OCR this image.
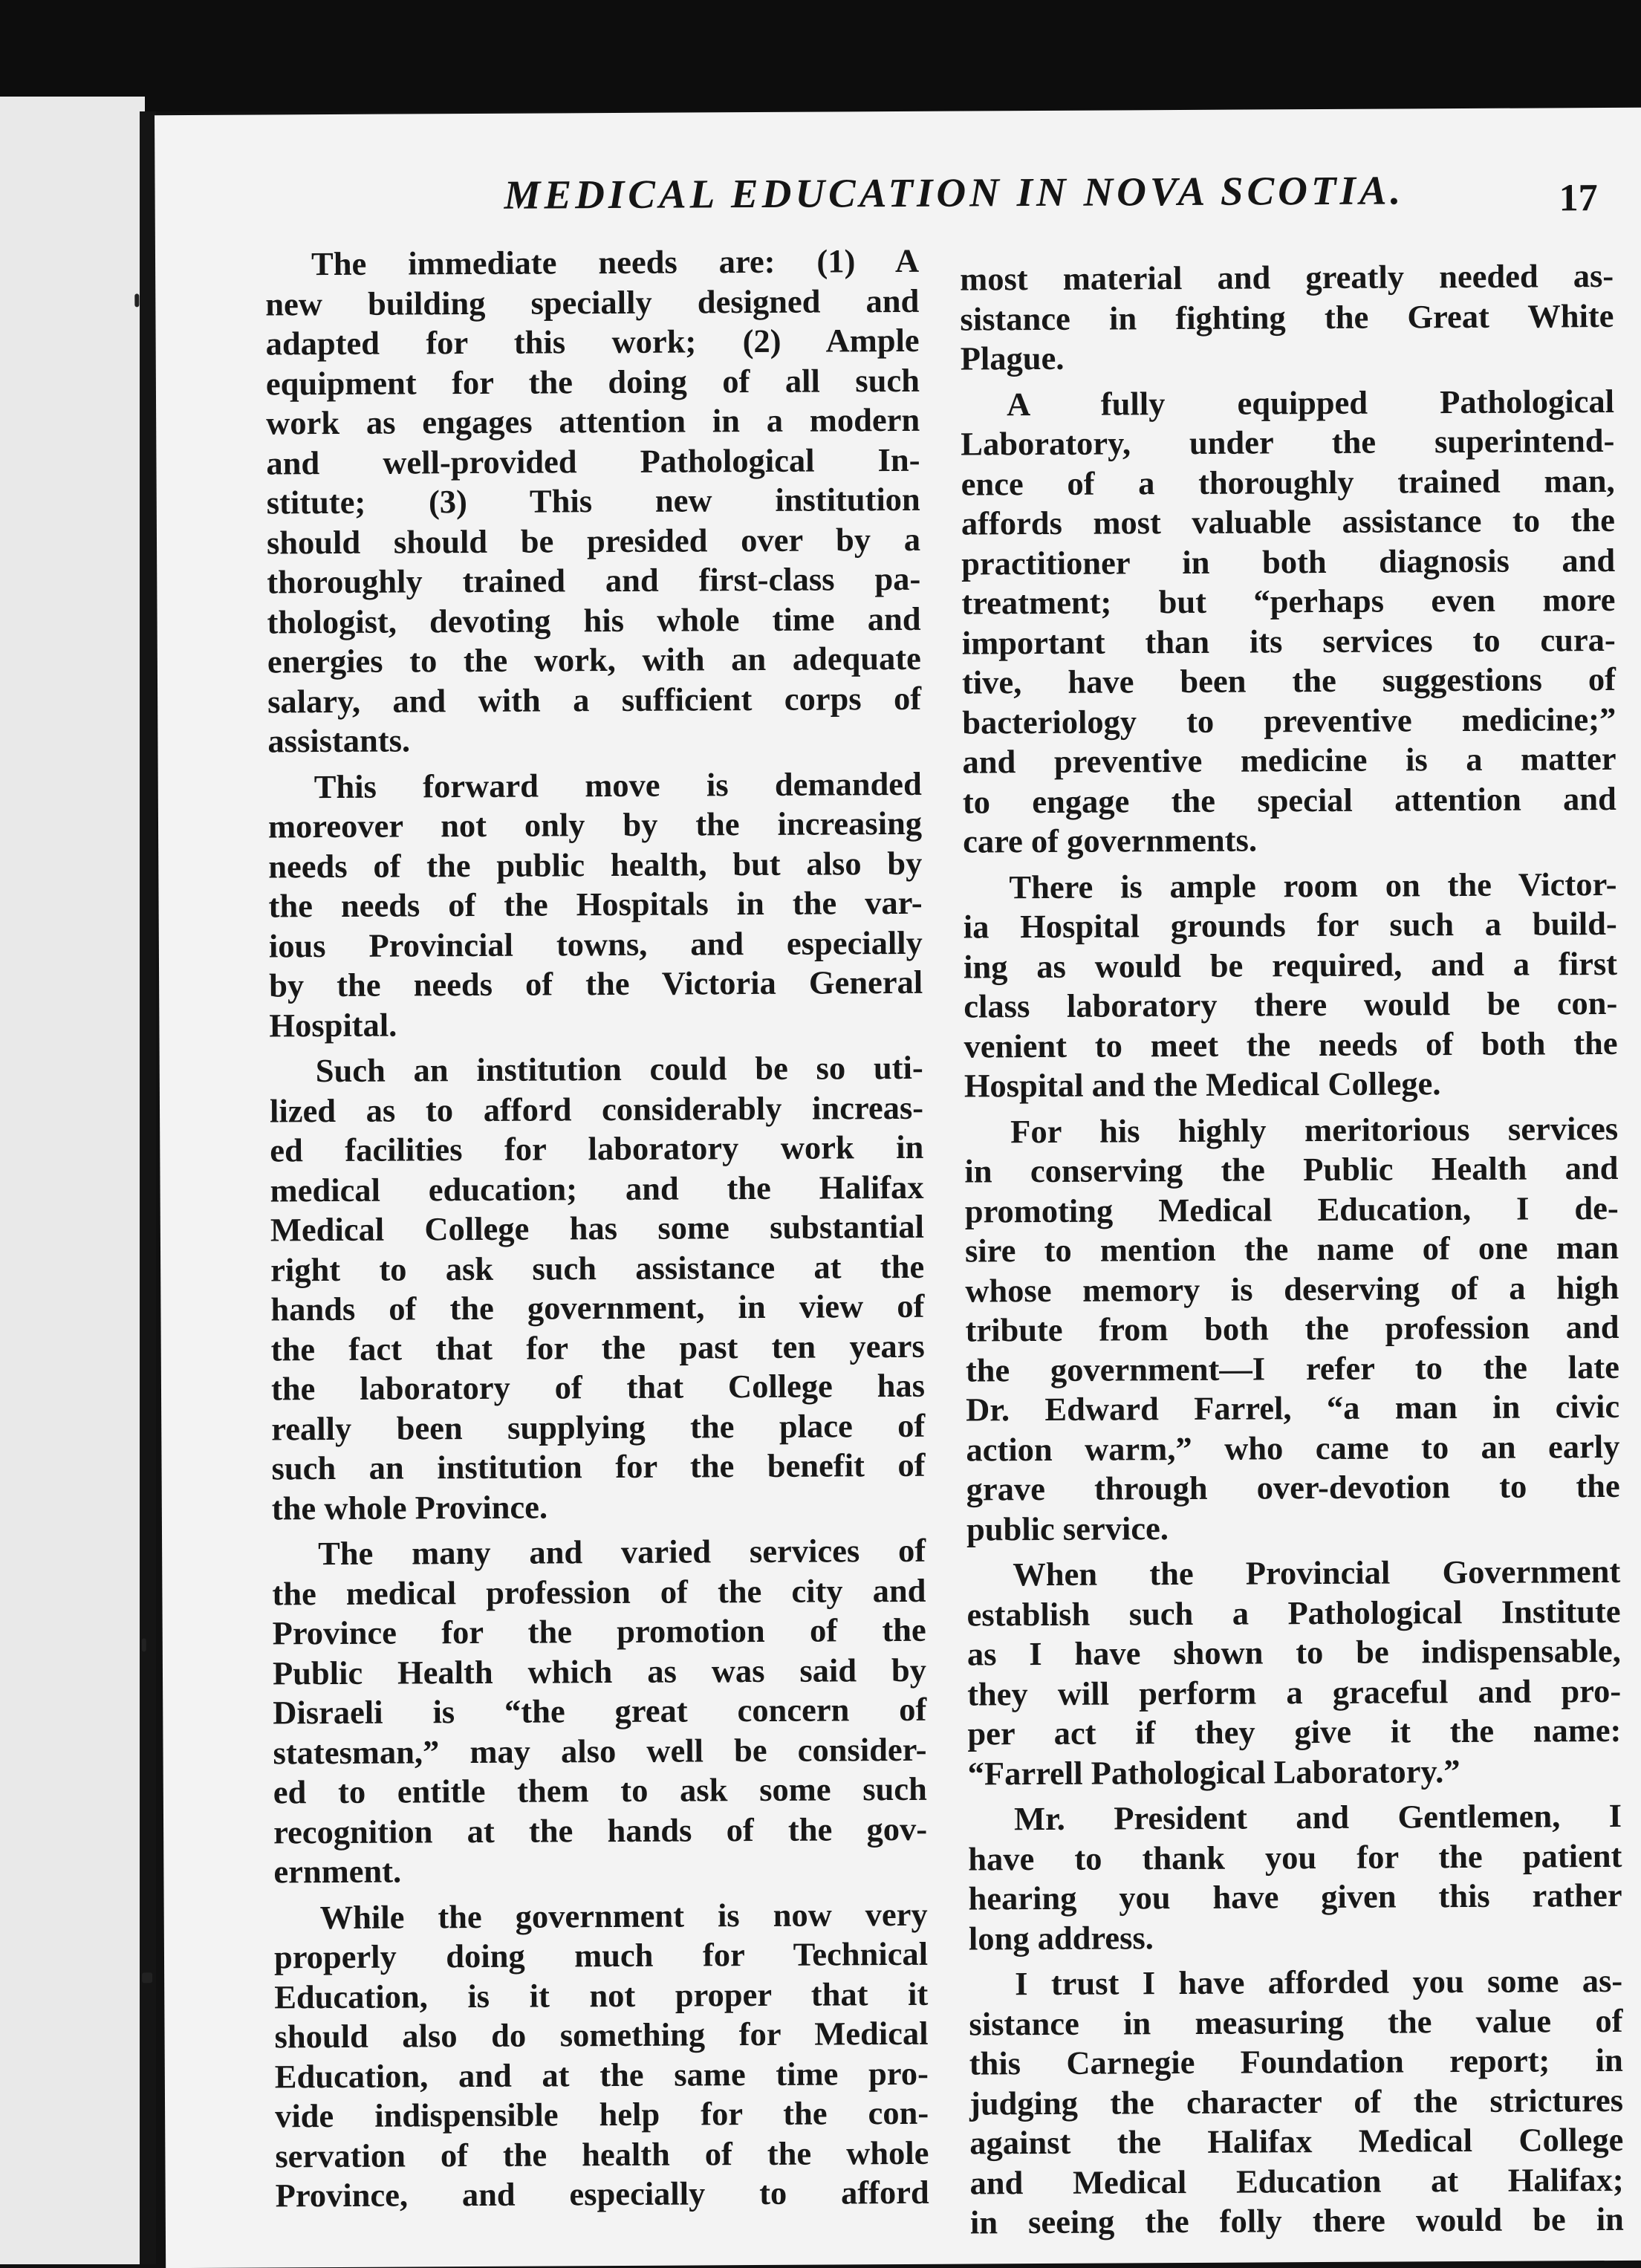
MEDICAL EDUCATION IN NOVA SCOTIA.	17

The immediate needs are: (1) A
new building specially designed and
adapted for this work; (2) Ample
equipment for the doing of all such
work as engages attention in a modern
and well-provided Pathological In-
stitute; (3) This new institution
should should be presided over by a
thoroughly trained and first-class pa-
thologist, devoting his whole time and
energies to the work, with an adequate
salary, and with a sufficient corps of
assistants.

This forward move is demanded
moreover not only by the increasing
needs of the public health, but also by
the needs of the Hospitals in the var-
ious Provincial towns, and especially
by the needs of the Victoria General
Hospital.

Such an institution could be so uti-
lized as to afford considerably increas-
ed facilities for laboratory work in
medical education; and the Halifax
Medical College has some substantial
right to ask such assistance at the
hands of the government, in view of
the fact that for the past ten years
the laboratory of that College has
really been supplying the place of
such an institution for the benefit of
the whole Province.

The many and varied services of
the medical profession of the city and
Province for the promotion of the
Public Health which as was said by
Disraeli is “the great concern of
statesman,” may also well be consider-
ed to entitle them to ask some such
recognition at the hands of the gov-
ernment.

While the government is now very
properly doing much for Technical
Education, is it not proper that it
should also do something for Medical
Education, and at the same time pro-
vide indispensible help for the con-
servation of the health of the whole
Province, and especially to afford

most material and greatly needed as-
sistance in fighting the Great White
Plague.

A fully equipped Pathological
Laboratory, under the superintend-
ence of a thoroughly trained man,
affords most valuable assistance to the
practitioner in both diagnosis and
treatment; but “perhaps even more
important than its services to cura-
tive, have been the suggestions of
bacteriology to preventive medicine;”
and preventive medicine is a matter
to engage the special attention and
care of governments.

There is ample room on the Victor-
ia Hospital grounds for such a build-
ing as would be required, and a first
class laboratory there would be con-
venient to meet the needs of both the
Hospital and the Medical College.

For his highly meritorious services
in conserving the Public Health and
promoting Medical Education, I de-
sire to mention the name of one man
whose memory is deserving of a high
tribute from both the profession and
the government—I refer to the late
Dr. Edward Farrel, “a man in civic
action warm,” who came to an early
grave through over-devotion to the
public service.

When the Provincial Government
establish such a Pathological Institute
as I have shown to be indispensable,
they will perform a graceful and pro-
per act if they give it the name:
“Farrell Pathological Laboratory.”

Mr. President and Gentlemen, I
have to thank you for the patient
hearing you have given this rather
long address.

I trust I have afforded you some as-
sistance in measuring the value of
this Carnegie Foundation report; in
judging the character of the strictures
against the Halifax Medical College
and Medical Education at Halifax;
in seeing the folly there would be in
